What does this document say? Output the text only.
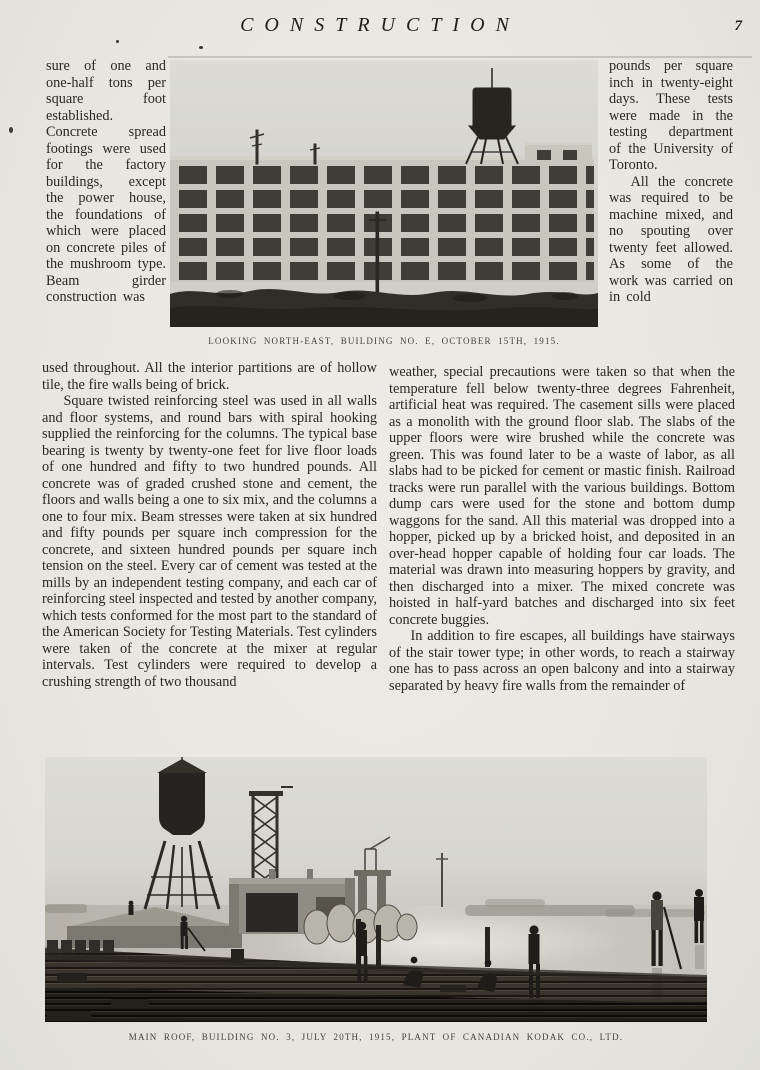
CONSTRUCTION	7

sure of one and one-half tons per square foot established. Concrete spread footings were used for the factory buildings, except the power house, the foundations of which were placed on concrete piles of the mushroom type. Beam girder construction was

LOOKING NORTH-EAST, BUILDING NO. E, OCTOBER 15TH, 1915.

pounds per square inch in twenty-eight days. These tests were made in the testing department of the University of Toronto.

All the concrete was required to be machine mixed, and no spouting over twenty feet allowed. As some of the work was carried on in cold

used throughout. All the interior partitions are of hollow tile, the fire walls being of brick.

Square twisted reinforcing steel was used in all walls and floor systems, and round bars with spiral hooking supplied the reinforcing for the columns. The typical base bearing is twenty by twenty-one feet for live floor loads of one hundred and fifty to two hundred pounds. All concrete was of graded crushed stone and cement, the floors and walls being a one to six mix, and the columns a one to four mix. Beam stresses were taken at six hundred and fifty pounds per square inch compression for the concrete, and sixteen hundred pounds per square inch tension on the steel. Every car of cement was tested at the mills by an independent testing company, and each car of reinforcing steel inspected and tested by another company, which tests conformed for the most part to the standard of the American Society for Testing Materials. Test cylinders were taken of the concrete at the mixer at regular intervals. Test cylinders were required to develop a crushing strength of two thousand

weather, special precautions were taken so that when the temperature fell below twenty-three degrees Fahrenheit, artificial heat was required. The casement sills were placed as a monolith with the ground floor slab. The slabs of the upper floors were wire brushed while the concrete was green. This was found later to be a waste of labor, as all slabs had to be picked for cement or mastic finish. Railroad tracks were run parallel with the various buildings. Bottom dump cars were used for the stone and bottom dump waggons for the sand. All this material was dropped into a hopper, picked up by a bricked hoist, and deposited in an over-head hopper capable of holding four car loads. The material was drawn into measuring hoppers by gravity, and then discharged into a mixer. The mixed concrete was hoisted in half-yard batches and discharged into six feet concrete buggies.

In addition to fire escapes, all buildings have stairways of the stair tower type; in other words, to reach a stairway one has to pass across an open balcony and into a stairway separated by heavy fire walls from the remainder of

MAIN ROOF, BUILDING NO. 3, JULY 20TH, 1915, PLANT OF CANADIAN KODAK CO., LTD.
